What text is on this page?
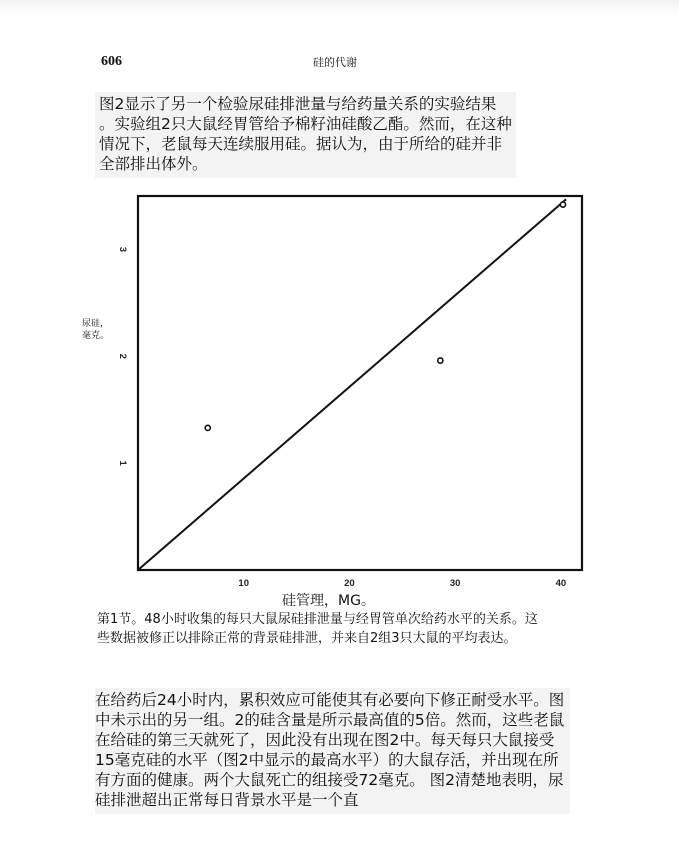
606	硅的代谢
图2显示了另一个检验尿硅排泄量与给药量关系的实验结果
。实验组2只大鼠经胃管给予棉籽油硅酸乙酯。然而，在这种
情况下，老鼠每天连续服用硅。据认为，由于所给的硅并非
全部排出体外。
10	20	30	40
1
2
3
尿硅，
毫克。
硅管理，MG。
第1节。48小时收集的每只大鼠尿硅排泄量与经胃管单次给药水平的关系。这
些数据被修正以排除正常的背景硅排泄，并来自2组3只大鼠的平均表达。
在给药后24小时内，累积效应可能使其有必要向下修正耐受水平。图
中未示出的另一组。2的硅含量是所示最高值的5倍。然而，这些老鼠
在给硅的第三天就死了，因此没有出现在图2中。每天每只大鼠接受
15毫克硅的水平（图2中显示的最高水平）的大鼠存活，并出现在所
有方面的健康。两个大鼠死亡的组接受72毫克。 图2清楚地表明，尿
硅排泄超出正常每日背景水平是一个直
